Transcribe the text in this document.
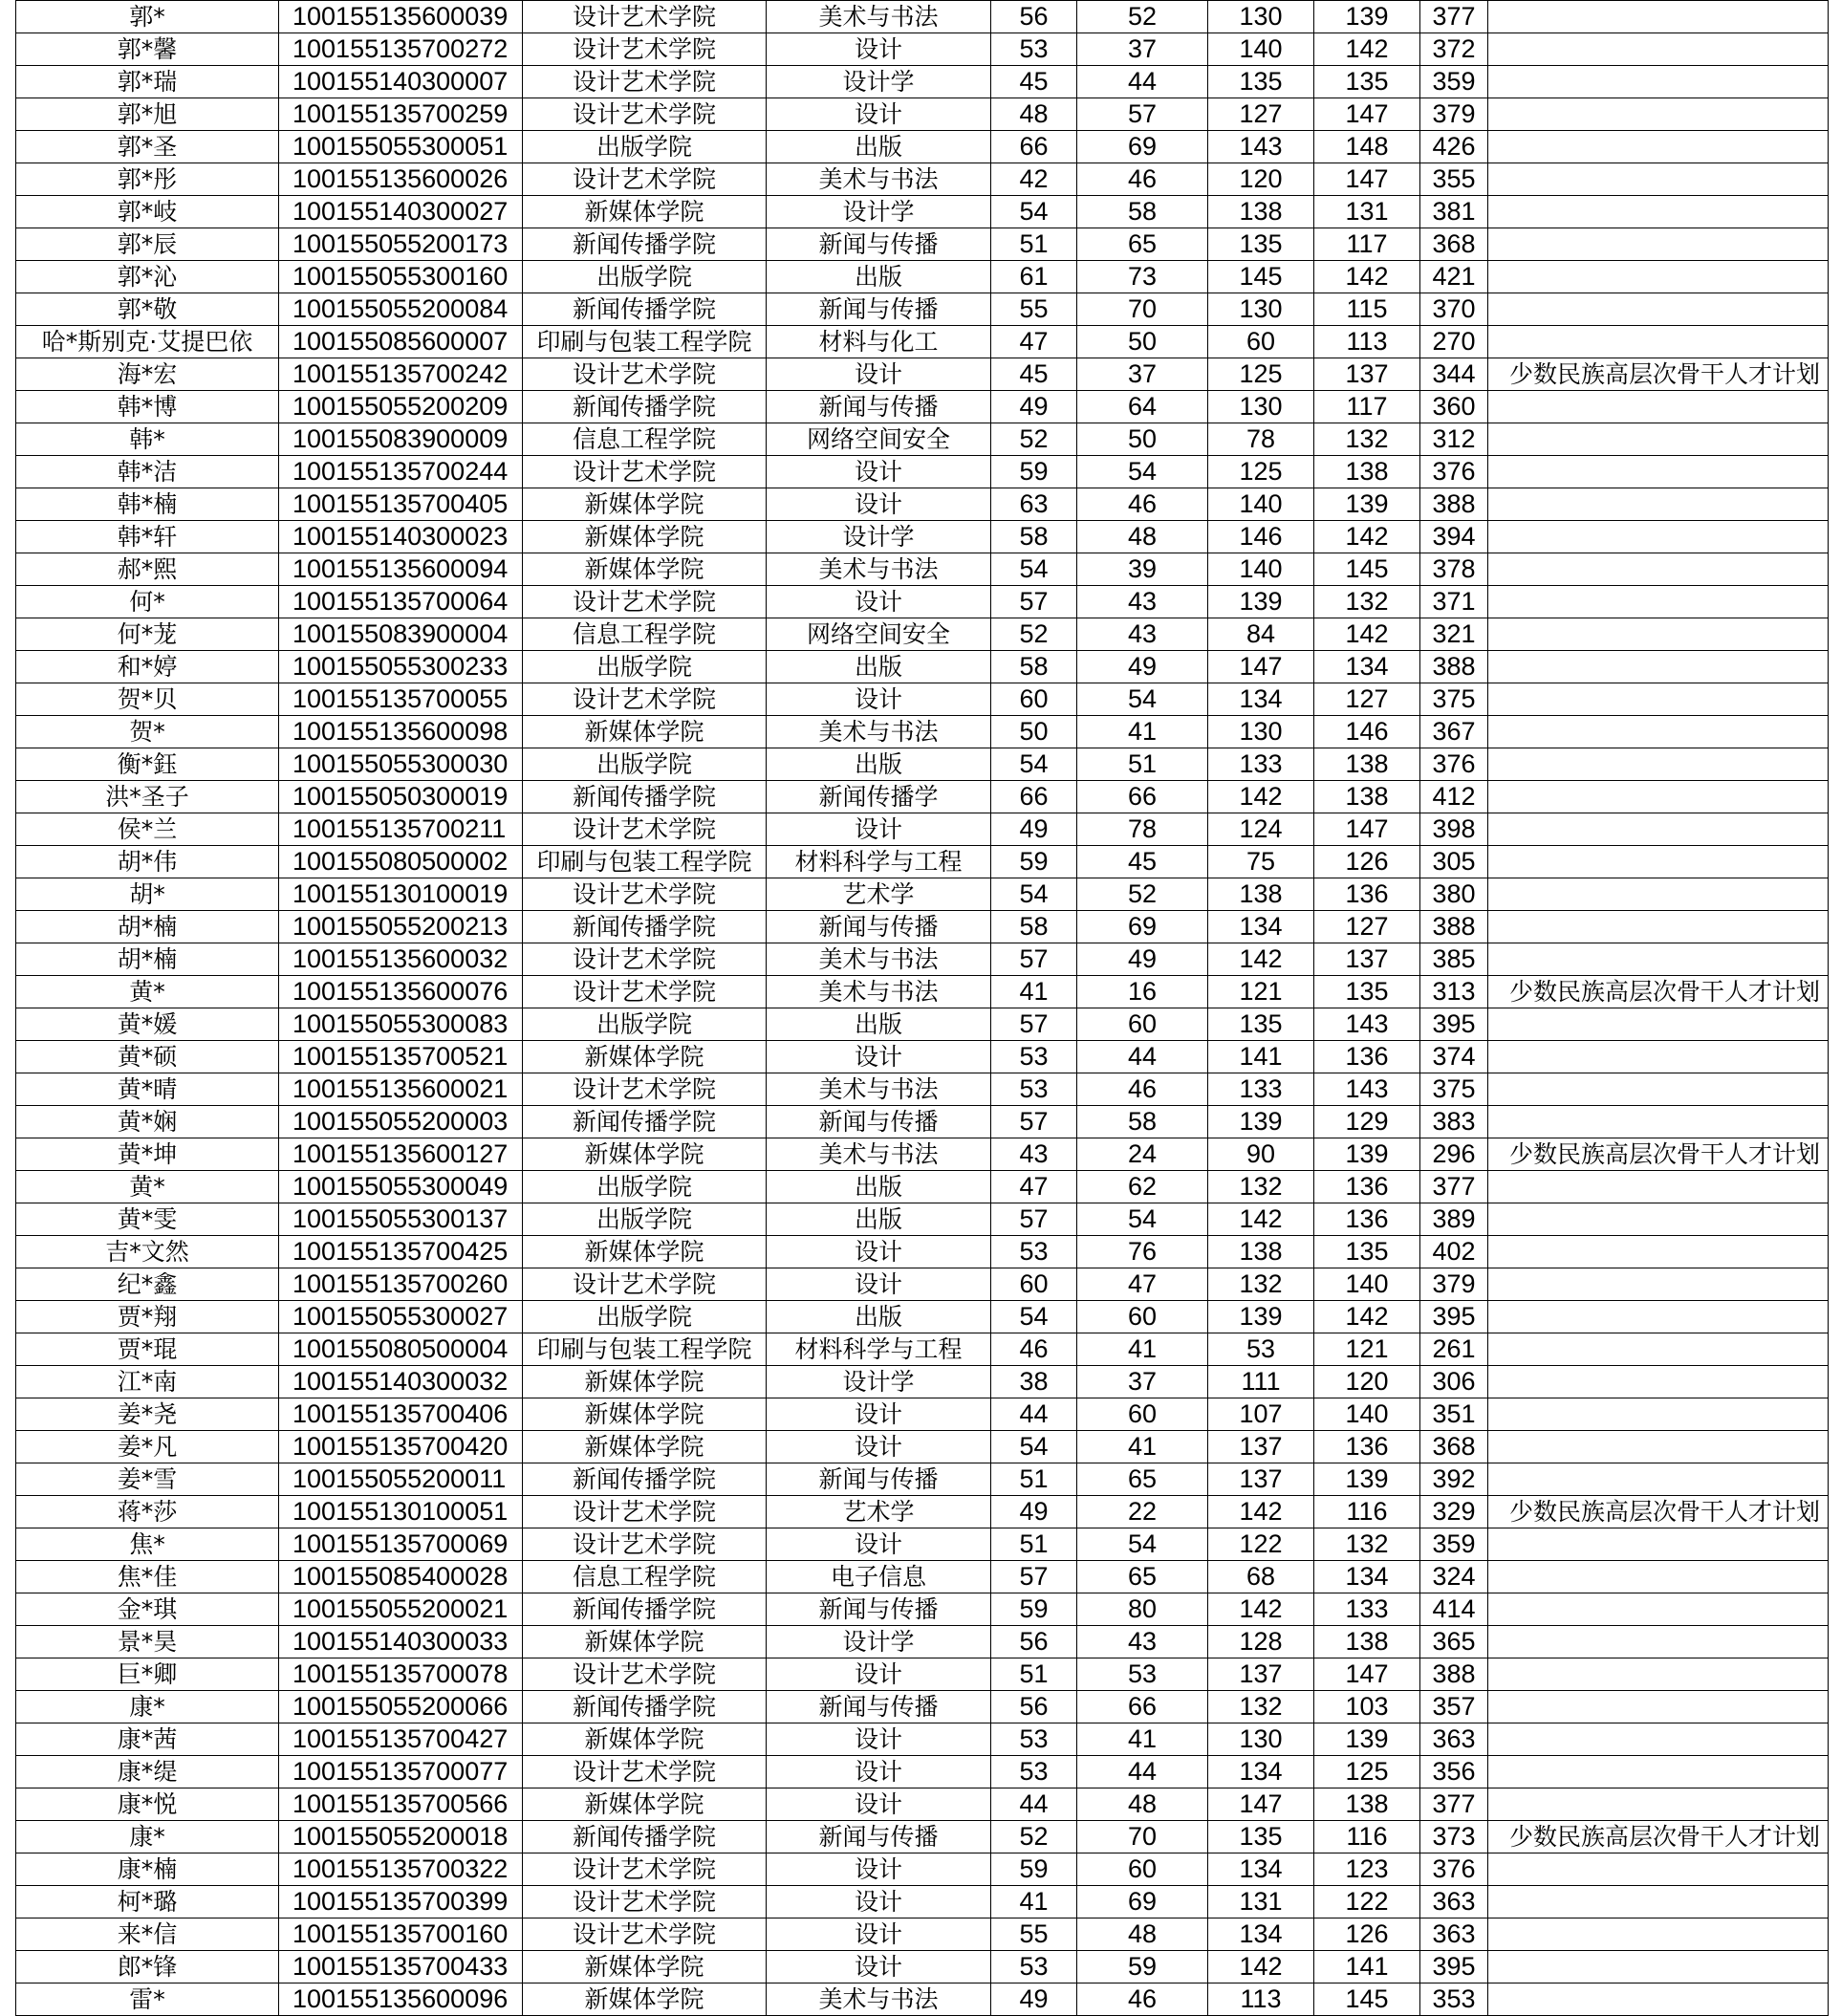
郭*	100155135600039	设计艺术学院	美术与书法	56	52	130	139	377	
郭*馨	100155135700272	设计艺术学院	设计	53	37	140	142	372	
郭*瑞	100155140300007	设计艺术学院	设计学	45	44	135	135	359	
郭*旭	100155135700259	设计艺术学院	设计	48	57	127	147	379	
郭*圣	100155055300051	出版学院	出版	66	69	143	148	426	
郭*彤	100155135600026	设计艺术学院	美术与书法	42	46	120	147	355	
郭*岐	100155140300027	新媒体学院	设计学	54	58	138	131	381	
郭*辰	100155055200173	新闻传播学院	新闻与传播	51	65	135	117	368	
郭*沁	100155055300160	出版学院	出版	61	73	145	142	421	
郭*敬	100155055200084	新闻传播学院	新闻与传播	55	70	130	115	370	
哈*斯别克·艾提巴依	100155085600007	印刷与包装工程学院	材料与化工	47	50	60	113	270	
海*宏	100155135700242	设计艺术学院	设计	45	37	125	137	344	少数民族高层次骨干人才计划
韩*博	100155055200209	新闻传播学院	新闻与传播	49	64	130	117	360	
韩*	100155083900009	信息工程学院	网络空间安全	52	50	78	132	312	
韩*洁	100155135700244	设计艺术学院	设计	59	54	125	138	376	
韩*楠	100155135700405	新媒体学院	设计	63	46	140	139	388	
韩*轩	100155140300023	新媒体学院	设计学	58	48	146	142	394	
郝*熙	100155135600094	新媒体学院	美术与书法	54	39	140	145	378	
何*	100155135700064	设计艺术学院	设计	57	43	139	132	371	
何*茏	100155083900004	信息工程学院	网络空间安全	52	43	84	142	321	
和*婷	100155055300233	出版学院	出版	58	49	147	134	388	
贺*贝	100155135700055	设计艺术学院	设计	60	54	134	127	375	
贺*	100155135600098	新媒体学院	美术与书法	50	41	130	146	367	
衡*鈺	100155055300030	出版学院	出版	54	51	133	138	376	
洪*圣子	100155050300019	新闻传播学院	新闻传播学	66	66	142	138	412	
侯*兰	100155135700211	设计艺术学院	设计	49	78	124	147	398	
胡*伟	100155080500002	印刷与包装工程学院	材料科学与工程	59	45	75	126	305	
胡*	100155130100019	设计艺术学院	艺术学	54	52	138	136	380	
胡*楠	100155055200213	新闻传播学院	新闻与传播	58	69	134	127	388	
胡*楠	100155135600032	设计艺术学院	美术与书法	57	49	142	137	385	
黄*	100155135600076	设计艺术学院	美术与书法	41	16	121	135	313	少数民族高层次骨干人才计划
黄*媛	100155055300083	出版学院	出版	57	60	135	143	395	
黄*硕	100155135700521	新媒体学院	设计	53	44	141	136	374	
黄*晴	100155135600021	设计艺术学院	美术与书法	53	46	133	143	375	
黄*娴	100155055200003	新闻传播学院	新闻与传播	57	58	139	129	383	
黄*坤	100155135600127	新媒体学院	美术与书法	43	24	90	139	296	少数民族高层次骨干人才计划
黄*	100155055300049	出版学院	出版	47	62	132	136	377	
黄*雯	100155055300137	出版学院	出版	57	54	142	136	389	
吉*文然	100155135700425	新媒体学院	设计	53	76	138	135	402	
纪*鑫	100155135700260	设计艺术学院	设计	60	47	132	140	379	
贾*翔	100155055300027	出版学院	出版	54	60	139	142	395	
贾*琨	100155080500004	印刷与包装工程学院	材料科学与工程	46	41	53	121	261	
江*南	100155140300032	新媒体学院	设计学	38	37	111	120	306	
姜*尧	100155135700406	新媒体学院	设计	44	60	107	140	351	
姜*凡	100155135700420	新媒体学院	设计	54	41	137	136	368	
姜*雪	100155055200011	新闻传播学院	新闻与传播	51	65	137	139	392	
蒋*莎	100155130100051	设计艺术学院	艺术学	49	22	142	116	329	少数民族高层次骨干人才计划
焦*	100155135700069	设计艺术学院	设计	51	54	122	132	359	
焦*佳	100155085400028	信息工程学院	电子信息	57	65	68	134	324	
金*琪	100155055200021	新闻传播学院	新闻与传播	59	80	142	133	414	
景*昊	100155140300033	新媒体学院	设计学	56	43	128	138	365	
巨*卿	100155135700078	设计艺术学院	设计	51	53	137	147	388	
康*	100155055200066	新闻传播学院	新闻与传播	56	66	132	103	357	
康*茜	100155135700427	新媒体学院	设计	53	41	130	139	363	
康*缇	100155135700077	设计艺术学院	设计	53	44	134	125	356	
康*悦	100155135700566	新媒体学院	设计	44	48	147	138	377	
康*	100155055200018	新闻传播学院	新闻与传播	52	70	135	116	373	少数民族高层次骨干人才计划
康*楠	100155135700322	设计艺术学院	设计	59	60	134	123	376	
柯*璐	100155135700399	设计艺术学院	设计	41	69	131	122	363	
来*信	100155135700160	设计艺术学院	设计	55	48	134	126	363	
郎*锋	100155135700433	新媒体学院	设计	53	59	142	141	395	
雷*	100155135600096	新媒体学院	美术与书法	49	46	113	145	353	
